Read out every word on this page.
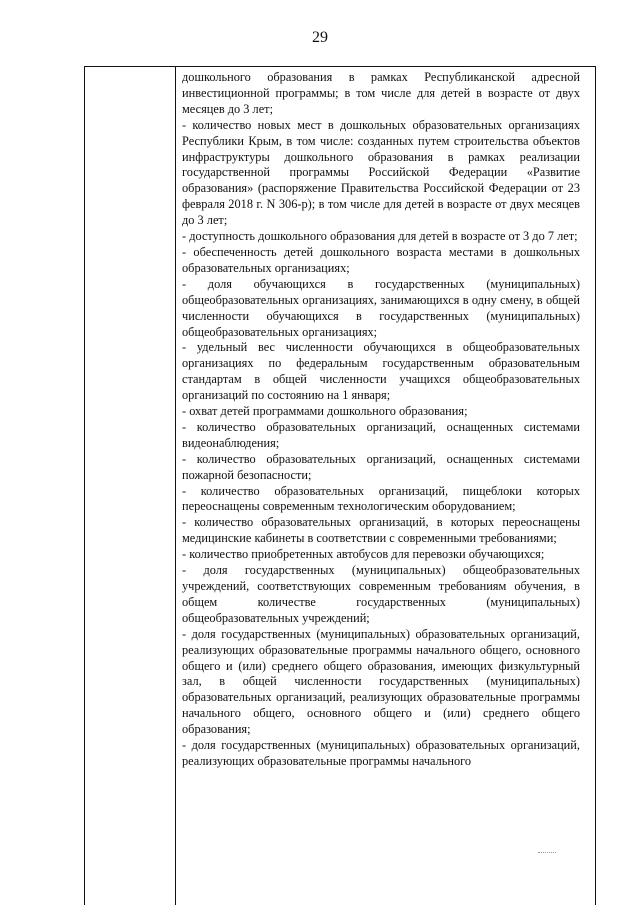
29

дошкольного образования в рамках Республиканской адресной инвестиционной программы; в том числе для детей в возрасте от двух месяцев до 3 лет;

- количество новых мест в дошкольных образовательных организациях Республики Крым, в том числе: созданных путем строительства объектов инфраструктуры дошкольного образования в рамках реализации государственной программы Российской Федерации «Развитие образования» (распоряжение Правительства Российской Федерации от 23 февраля 2018 г. N 306-р); в том числе для детей в возрасте от двух месяцев до 3 лет;

- доступность дошкольного образования для детей в возрасте от 3 до 7 лет;

- обеспеченность детей дошкольного возраста местами в дошкольных образовательных организациях;

- доля обучающихся в государственных (муниципальных) общеобразовательных организациях, занимающихся в одну смену, в общей численности обучающихся в государственных (муниципальных) общеобразовательных организациях;

- удельный вес численности обучающихся в общеобразовательных организациях по федеральным государственным образовательным стандартам в общей численности учащихся общеобразовательных организаций по состоянию на 1 января;

- охват детей программами дошкольного образования;

- количество образовательных организаций, оснащенных системами видеонаблюдения;

- количество образовательных организаций, оснащенных системами пожарной безопасности;

- количество образовательных организаций, пищеблоки которых переоснащены современным технологическим оборудованием;

- количество образовательных организаций, в которых переоснащены медицинские кабинеты в соответствии с современными требованиями;

- количество приобретенных автобусов для перевозки обучающихся;

- доля государственных (муниципальных) общеобразовательных учреждений, соответствующих современным требованиям обучения, в общем количестве государственных (муниципальных) общеобразовательных учреждений;

- доля государственных (муниципальных) образовательных организаций, реализующих образовательные программы начального общего, основного общего и (или) среднего общего образования, имеющих физкультурный зал, в общей численности государственных (муниципальных) образовательных организаций, реализующих образовательные программы начального общего, основного общего и (или) среднего общего образования;

- доля государственных (муниципальных) образовательных организаций, реализующих образовательные программы начального
